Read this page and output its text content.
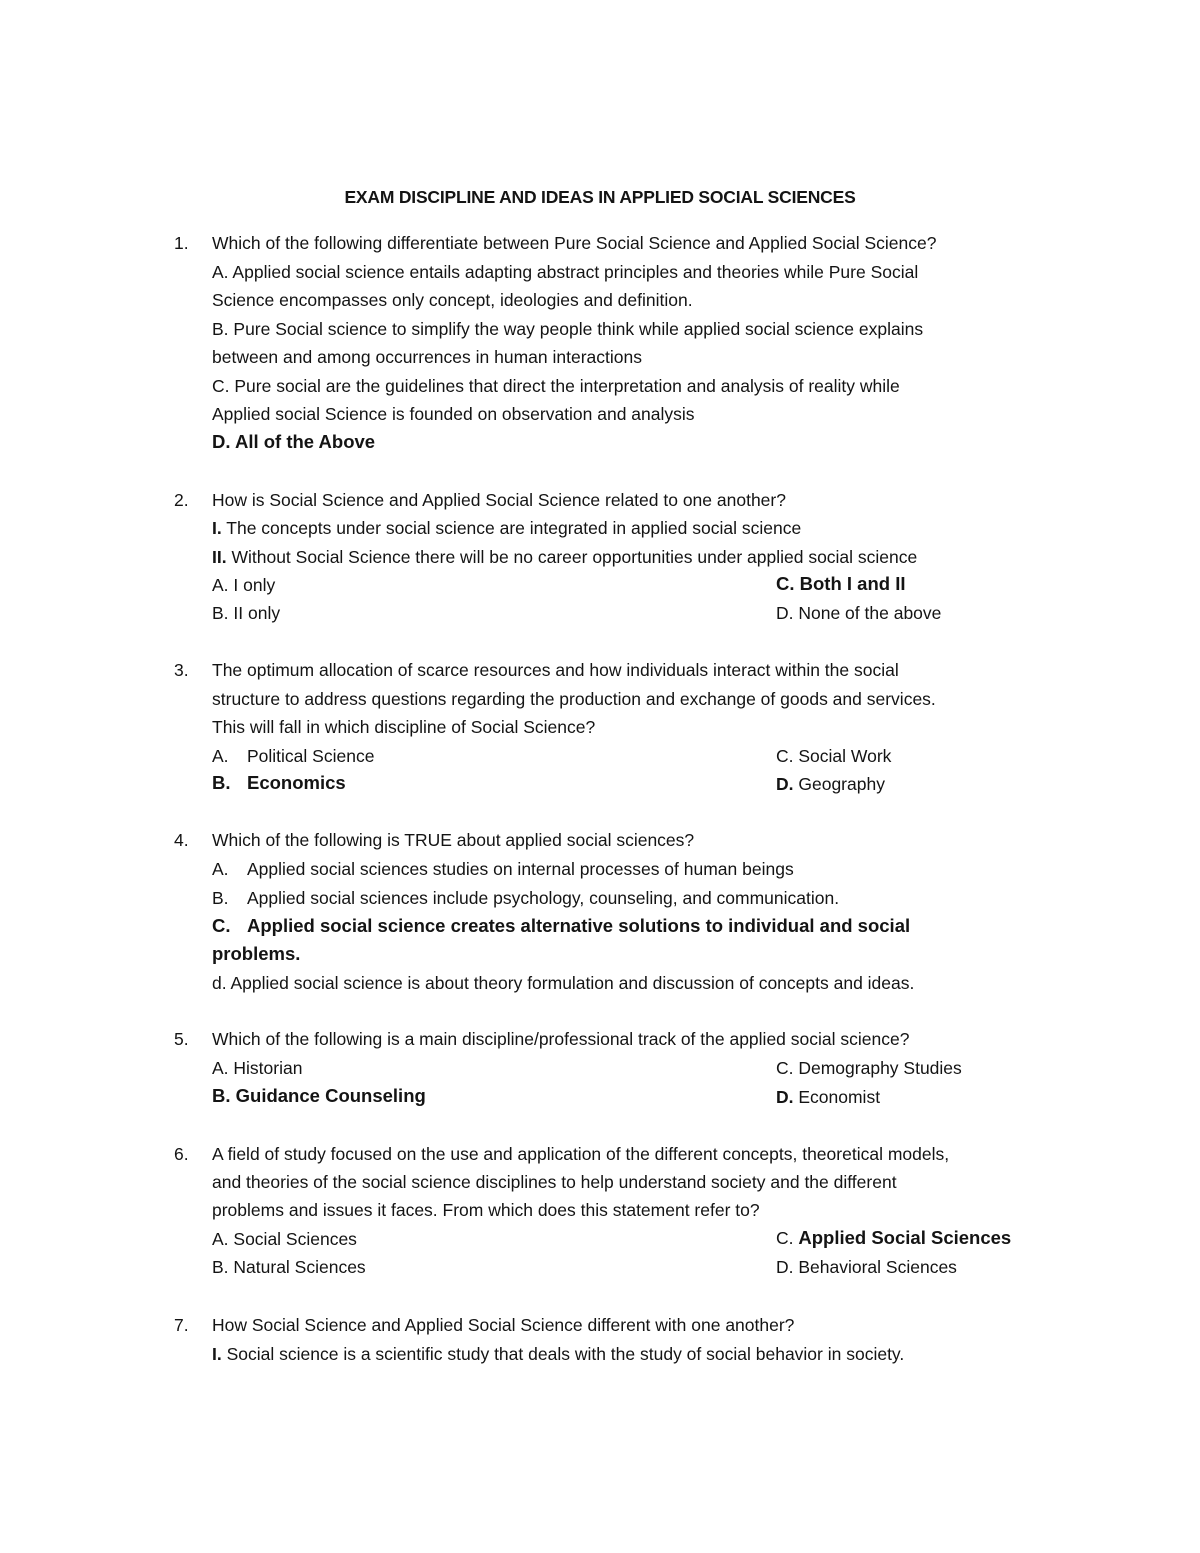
EXAM DISCIPLINE AND IDEAS IN APPLIED SOCIAL SCIENCES
1. Which of the following differentiate between Pure Social Science and Applied Social Science?
A. Applied social science entails adapting abstract principles and theories while Pure Social
Science encompasses only concept, ideologies and definition.
B. Pure Social science to simplify the way people think while applied social science explains
between and among occurrences in human interactions
C. Pure social are the guidelines that direct the interpretation and analysis of reality while
Applied social Science is founded on observation and analysis
D. All of the Above
2. How is Social Science and Applied Social Science related to one another?
I. The concepts under social science are integrated in applied social science
II. Without Social Science there will be no career opportunities under applied social science
A. I only	C. Both I and II
B. II only	D. None of the above
3. The optimum allocation of scarce resources and how individuals interact within the social
structure to address questions regarding the production and exchange of goods and services.
This will fall in which discipline of Social Science?
A. Political Science	C. Social Work
B. Economics	D. Geography
4. Which of the following is TRUE about applied social sciences?
A. Applied social sciences studies on internal processes of human beings
B. Applied social sciences include psychology, counseling, and communication.
C. Applied social science creates alternative solutions to individual and social
problems.
d. Applied social science is about theory formulation and discussion of concepts and ideas.
5. Which of the following is a main discipline/professional track of the applied social science?
A. Historian	C. Demography Studies
B. Guidance Counseling	D. Economist
6. A field of study focused on the use and application of the different concepts, theoretical models,
and theories of the social science disciplines to help understand society and the different
problems and issues it faces. From which does this statement refer to?
A. Social Sciences	C. Applied Social Sciences
B. Natural Sciences	D. Behavioral Sciences
7. How Social Science and Applied Social Science different with one another?
I. Social science is a scientific study that deals with the study of social behavior in society.
